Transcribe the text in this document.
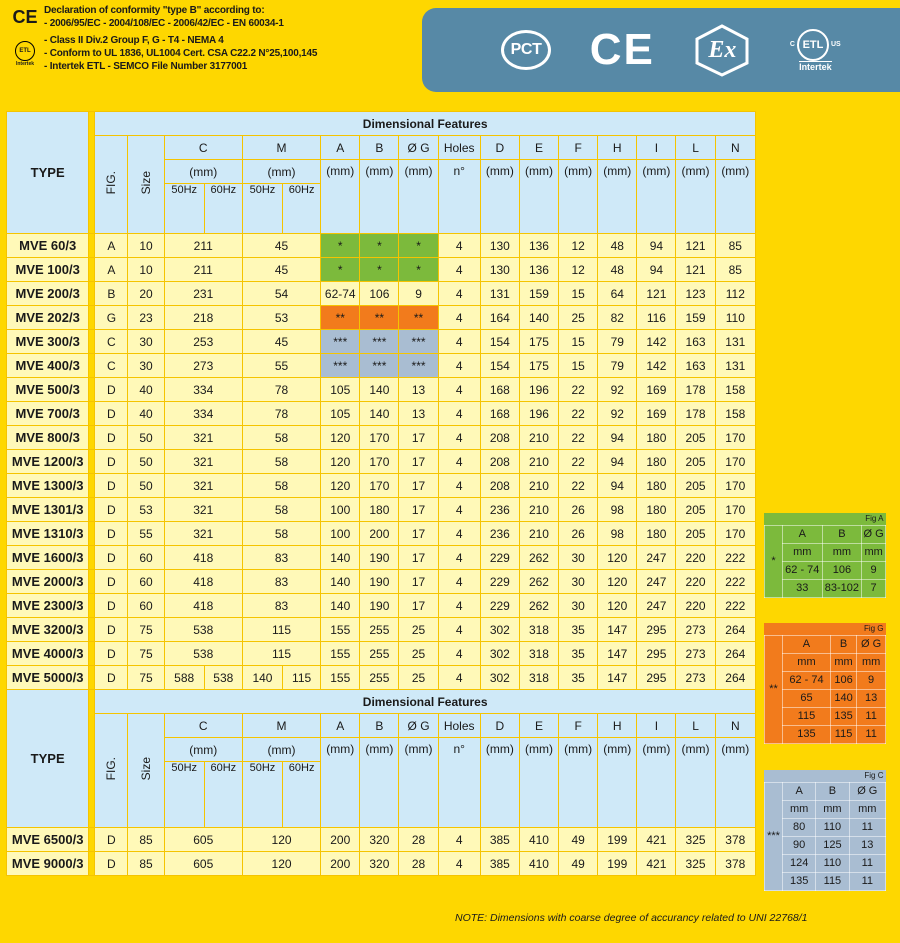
CE Declaration of conformity "type B" according to:
- 2006/95/EC - 2004/108/EC - 2006/42/EC - EN 60034-1
ETL
Intertek
- Class II Div.2 Group F, G - T4 - NEMA 4
- Conform to UL 1836, UL1004 Cert. CSA C22.2 N°25,100,145
- Intertek ETL - SEMCO File Number 3177001
РСТ CE Ex	C ETL	US
Intertek
TYPE		Dimensional Features																
		FIG.	Size	C		M		A	B	Ø G	Holes	D	E	F	H	I	L	N
				(mm)		(mm)		(mm)	(mm)	(mm)	n°	(mm)	(mm)	(mm)	(mm)	(mm)	(mm)	(mm)
				50Hz	60Hz	50Hz	60Hz											
MVE 60/3		A	10	211		45		*	*	*	4	130	136	12	48	94	121	85
MVE 100/3		A	10	211		45		*	*	*	4	130	136	12	48	94	121	85
MVE 200/3		B	20	231		54		62-74	106	9	4	131	159	15	64	121	123	112
MVE 202/3		G	23	218		53		**	**	**	4	164	140	25	82	116	159	110
MVE 300/3		C	30	253		45		***	***	***	4	154	175	15	79	142	163	131
MVE 400/3		C	30	273		55		***	***	***	4	154	175	15	79	142	163	131
MVE 500/3		D	40	334		78		105	140	13	4	168	196	22	92	169	178	158
MVE 700/3		D	40	334		78		105	140	13	4	168	196	22	92	169	178	158
MVE 800/3		D	50	321		58		120	170	17	4	208	210	22	94	180	205	170
MVE 1200/3		D	50	321		58		120	170	17	4	208	210	22	94	180	205	170
MVE 1300/3		D	50	321		58		120	170	17	4	208	210	22	94	180	205	170
MVE 1301/3		D	53	321		58		100	180	17	4	236	210	26	98	180	205	170
MVE 1310/3		D	55	321		58		100	200	17	4	236	210	26	98	180	205	170
MVE 1600/3		D	60	418		83		140	190	17	4	229	262	30	120	247	220	222
MVE 2000/3		D	60	418		83		140	190	17	4	229	262	30	120	247	220	222
MVE 2300/3		D	60	418		83		140	190	17	4	229	262	30	120	247	220	222
MVE 3200/3		D	75	538		115		155	255	25	4	302	318	35	147	295	273	264
MVE 4000/3		D	75	538		115		155	255	25	4	302	318	35	147	295	273	264
MVE 5000/3		D	75	588	538	140	115	155	255	25	4	302	318	35	147	295	273	264
TYPE		Dimensional Features																
		FIG.	Size	C		M		A	B	Ø G	Holes	D	E	F	H	I	L	N
				(mm)		(mm)		(mm)	(mm)	(mm)	n°	(mm)	(mm)	(mm)	(mm)	(mm)	(mm)	(mm)
				50Hz	60Hz	50Hz	60Hz											
MVE 6500/3		D	85	605		120		200	320	28	4	385	410	49	199	421	325	378
MVE 9000/3		D	85	605		120		200	320	28	4	385	410	49	199	421	325	378
Fig A			
*	A	B	Ø G
	mm	mm	mm
	62 - 74	106	9
	33	83-102	7
Fig G			
**	A	B	Ø G
	mm	mm	mm
	62 - 74	106	9
	65	140	13
	115	135	11
	135	115	11
Fig C			
***	A	B	Ø G
	mm	mm	mm
	80	110	11
	90	125	13
	124	110	11
	135	115	11
NOTE: Dimensions with coarse degree of accurancy related to UNI 22768/1
